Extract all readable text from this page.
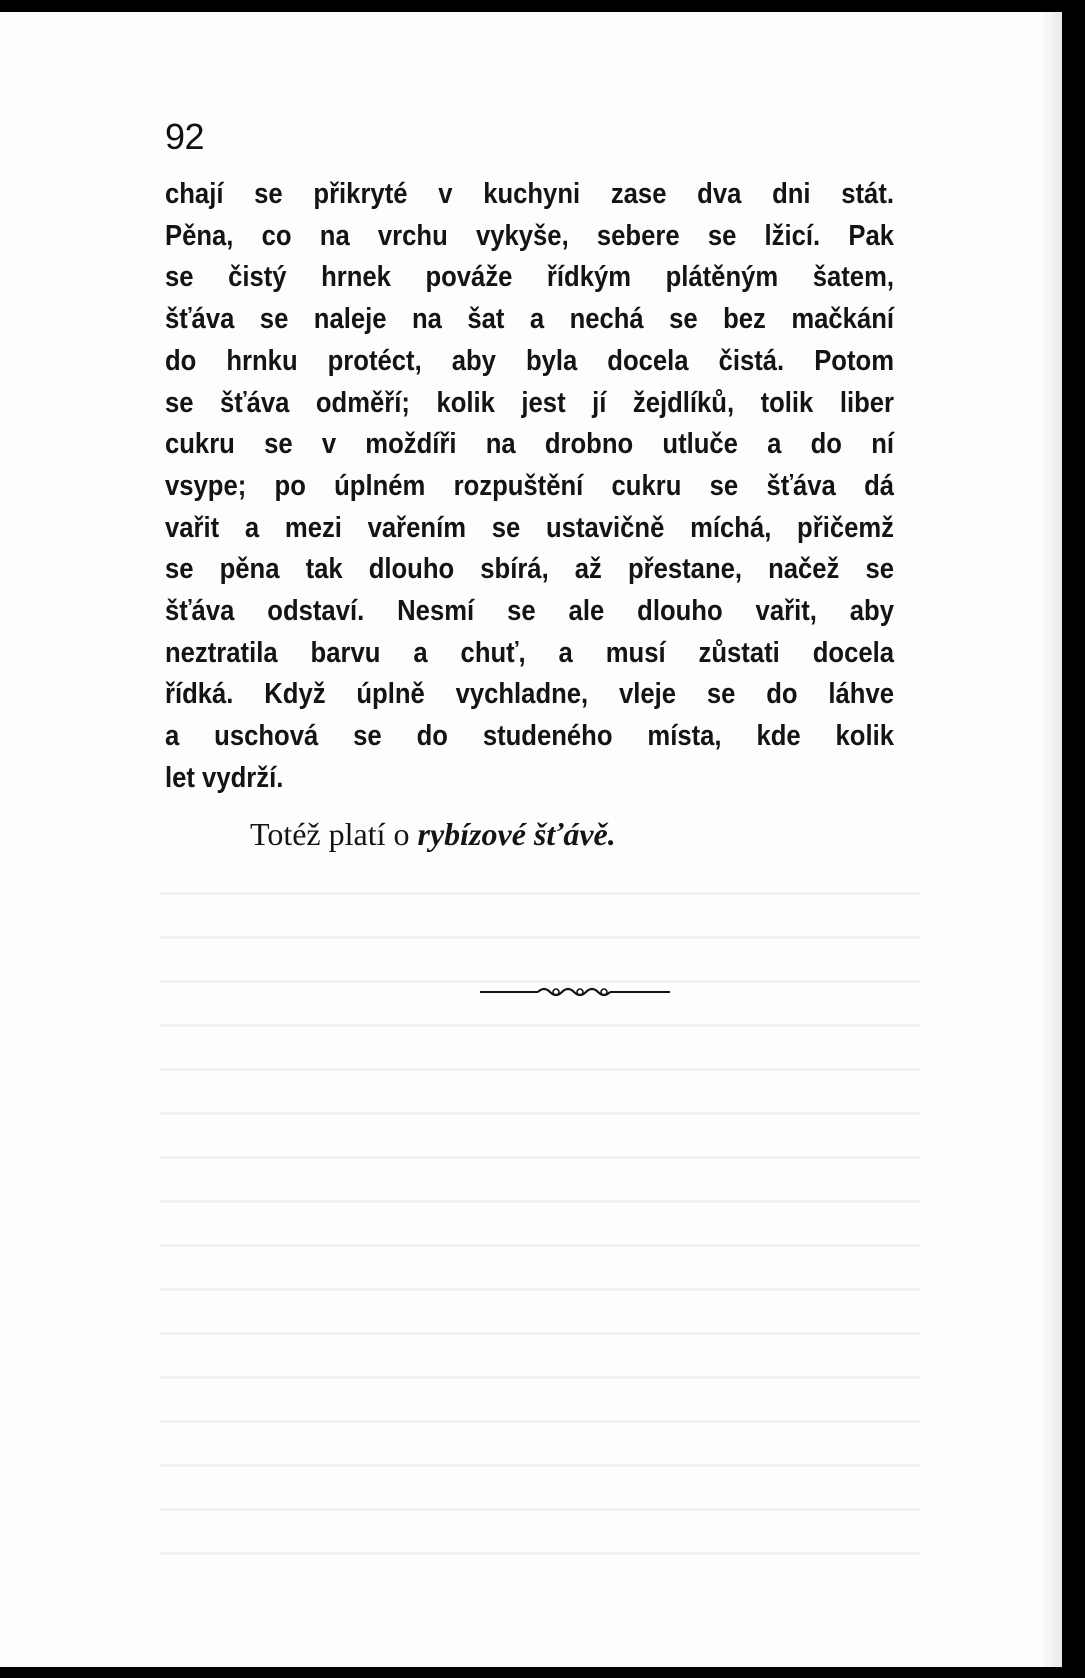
92
chají se přikryté v kuchyni zase dva dni stát.
Pěna, co na vrchu vykyše, sebere se lžicí. Pak
se čistý hrnek pováže řídkým plátěným šatem,
šťáva se naleje na šat a nechá se bez mačkání
do hrnku protéct, aby byla docela čistá. Potom
se šťáva odměří; kolik jest jí žejdlíků, tolik liber
cukru se v moždíři na drobno utluče a do ní
vsype; po úplném rozpuštění cukru se šťáva dá
vařit a mezi vařením se ustavičně míchá, přičemž
se pěna tak dlouho sbírá, až přestane, načež se
šťáva odstaví. Nesmí se ale dlouho vařit, aby
neztratila barvu a chuť, a musí zůstati docela
řídká. Když úplně vychladne, vleje se do láhve
a uschová se do studeného místa, kde kolik
let vydrží.
Totéž platí o rybízové šťávě.
